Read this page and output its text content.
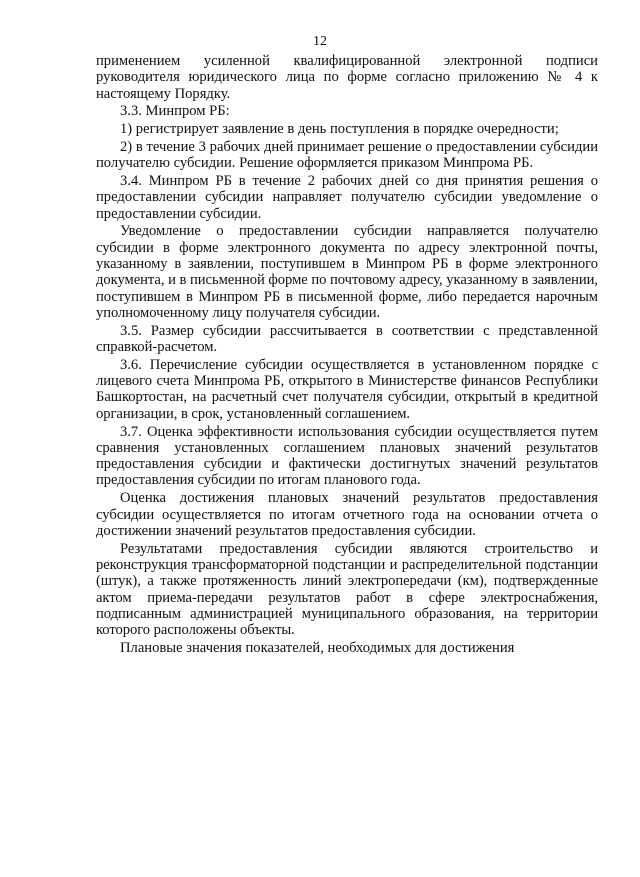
12

применением усиленной квалифицированной электронной подписи руководителя юридического лица по форме согласно приложению № 4 к настоящему Порядку.

3.3. Минпром РБ:

1) регистрирует заявление в день поступления в порядке очередности;

2) в течение 3 рабочих дней принимает решение о предоставлении субсидии получателю субсидии. Решение оформляется приказом Минпрома РБ.

3.4. Минпром РБ в течение 2 рабочих дней со дня принятия решения о предоставлении субсидии направляет получателю субсидии уведомление о предоставлении субсидии.

Уведомление о предоставлении субсидии направляется получателю субсидии в форме электронного документа по адресу электронной почты, указанному в заявлении, поступившем в Минпром РБ в форме электронного документа, и в письменной форме по почтовому адресу, указанному в заявлении, поступившем в Минпром РБ в письменной форме, либо передается нарочным уполномоченному лицу получателя субсидии.

3.5. Размер субсидии рассчитывается в соответствии с представленной справкой-расчетом.

3.6. Перечисление субсидии осуществляется в установленном порядке с лицевого счета Минпрома РБ, открытого в Министерстве финансов Республики Башкортостан, на расчетный счет получателя субсидии, открытый в кредитной организации, в срок, установленный соглашением.

3.7. Оценка эффективности использования субсидии осуществляется путем сравнения установленных соглашением плановых значений результатов предоставления субсидии и фактически достигнутых значений результатов предоставления субсидии по итогам планового года.

Оценка достижения плановых значений результатов предоставления субсидии осуществляется по итогам отчетного года на основании отчета о достижении значений результатов предоставления субсидии.

Результатами предоставления субсидии являются строительство и реконструкция трансформаторной подстанции и распределительной подстанции (штук), а также протяженность линий электропередачи (км), подтвержденные актом приема-передачи результатов работ в сфере электроснабжения, подписанным администрацией муниципального образования, на территории которого расположены объекты.

Плановые значения показателей, необходимых для достижения
